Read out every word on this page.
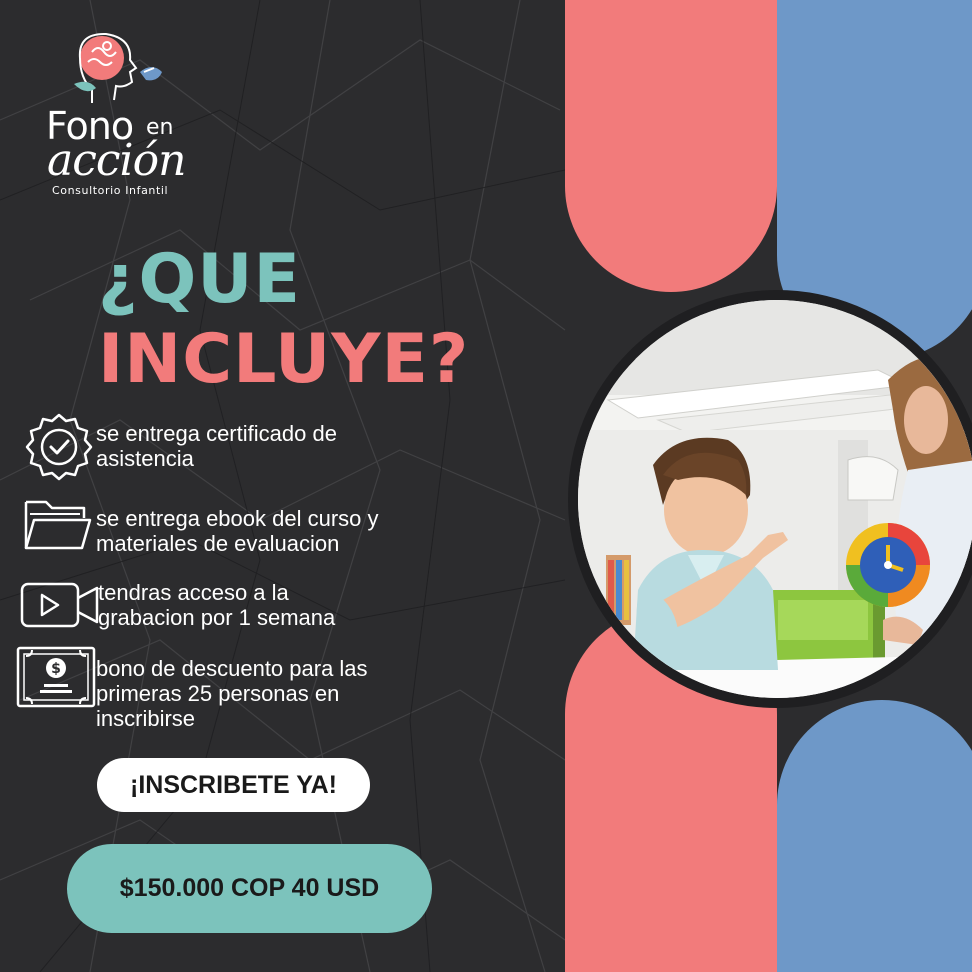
Fono en
acción
Consultorio Infantil
¿QUE
INCLUYE?
se entrega certificado de
asistencia
se entrega ebook del curso y
materiales de evaluacion
tendras acceso a la
grabacion por 1 semana
$ bono de descuento para las
primeras 25 personas en
inscribirse
¡INSCRIBETE YA!
$150.000 COP 40 USD
